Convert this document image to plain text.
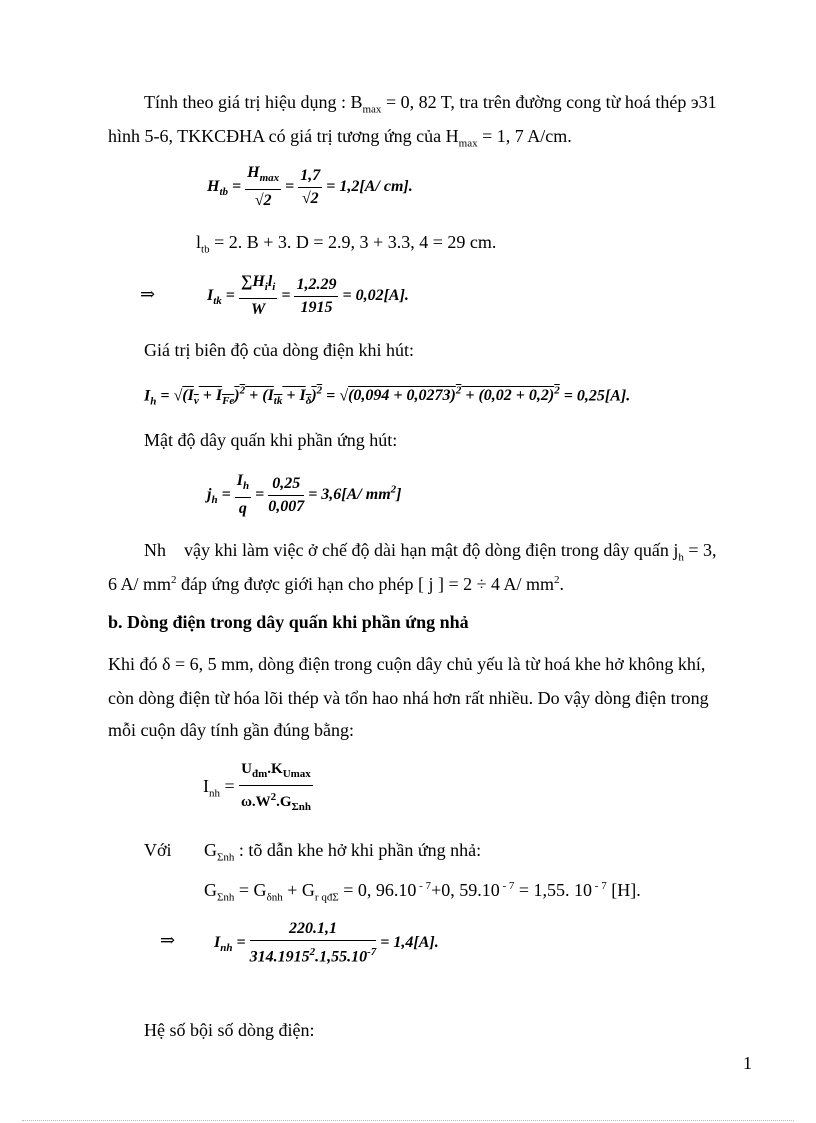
Tính theo giá trị hiệu dụng : $B_{max} = 0$, 82 T, tra trên đường cong từ hoá thép э31
hình 5-6, TKKCĐHA có giá trị tương ứng của $H_{max} = 1$, 7 A/cm.
$H_{tb} = \frac{H_{max}}{√2} = \frac{1,7}{√2} = 1,2[A/$ cm].
$l_{tb} = 2$. B + 3. D = 2.9, 3 + 3.3, 4 = 29 cm.
⇒	$I_{tk} = \frac{\sum H_il_i}{W} = \frac{1,2.29}{1915} = 0,02[A]$.
Giá trị biên độ của dòng điện khi hút:
$I_h = √(I_v + I_{Fe})^2 + (I_{tk} + I_\delta)^2 = √(0,094 + 0,0273)^2 + (0,02 + 0,2)^2 = 0,25[A]$.
Mật độ dây quấn khi phần ứng hút:
$j_h = \frac{I_h}{q} = \frac{0,25}{0,007} = 3,6[A/$ $mm^2$]
Nh vậy khi làm việc ở chế độ dài hạn mật độ dòng điện trong dây quấn $j_h = 3$,
6 A/ $mm^2$ đáp ứng được giới hạn cho phép [ j ] = 2 ÷ 4 A/ $mm^2$.
b. Dòng điện trong dây quấn khi phần ứng nhả
Khi đó δ = 6, 5 mm, dòng điện trong cuộn dây chủ yếu là từ hoá khe hở không khí,
còn dòng điện từ hóa lõi thép và tổn hao nhá hơn rất nhiều. Do vậy dòng điện trong
mỗi cuộn dây tính gần đúng bằng:
$I_{nh} = \frac{U_{đm}.K_{Umax}}{\omega.W^2.G_{\Sigma nh}}$
Với $G_{\Sigma nh}$ : tõ dẫn khe hở khi phần ứng nhả:
$G_{\Sigma nh} = G_{\delta nh} + G_{r qđ\Sigma} = 0$, 96.10 $^{- 7}$+0, 59.10 $^{- 7}$ = 1,55. 10 $^{- 7}$ [H].
⇒ $I_{nh} = \frac{220.1,1}{314.1915^2.1,55.10^{-7}} = 1,4[A]$.
Hệ số bội số dòng điện:
1
